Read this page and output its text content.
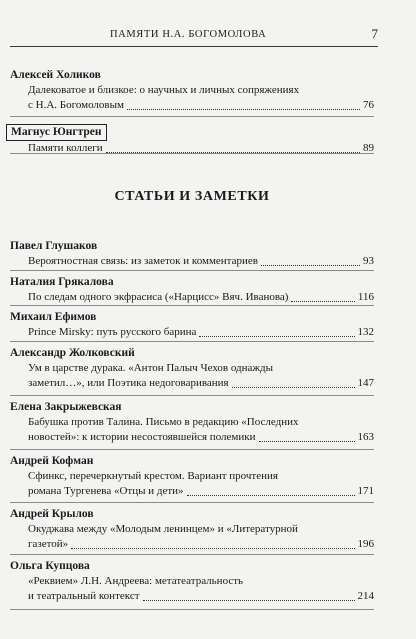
ПАМЯТИ Н.А. БОГОМОЛОВА	7
Алексей Холиков
Далековатое и близкое: о научных и личных сопряжениях
с Н.А. Богомоловым	76
Магнус Юнгтрен
Памяти коллеги	89
Павел Глушаков
Вероятностная связь: из заметок и комментариев	93
Наталия Грякалова
По следам одного экфрасиса («Нарцисс» Вяч. Иванова)	116
Михаил Ефимов
Prince Mirsky: путь русского барина	132
Александр Жолковский
Ум в царстве дурака. «Антон Палыч Чехов однажды
заметил…», или Поэтика недоговаривания	147
Елена Закрыжевская
Бабушка против Талина. Письмо в редакцию «Последних
новостей»: к истории несостоявшейся полемики	163
Андрей Кофман
Сфинкс, перечеркнутый крестом. Вариант прочтения
романа Тургенева «Отцы и дети»	171
Андрей Крылов
Окуджава между «Молодым ленинцем» и «Литературной
газетой»	196
Ольга Купцова
«Реквием» Л.Н. Андреева: метатеатральность
и театральный контекст	214
СТАТЬИ И ЗАМЕТКИ
